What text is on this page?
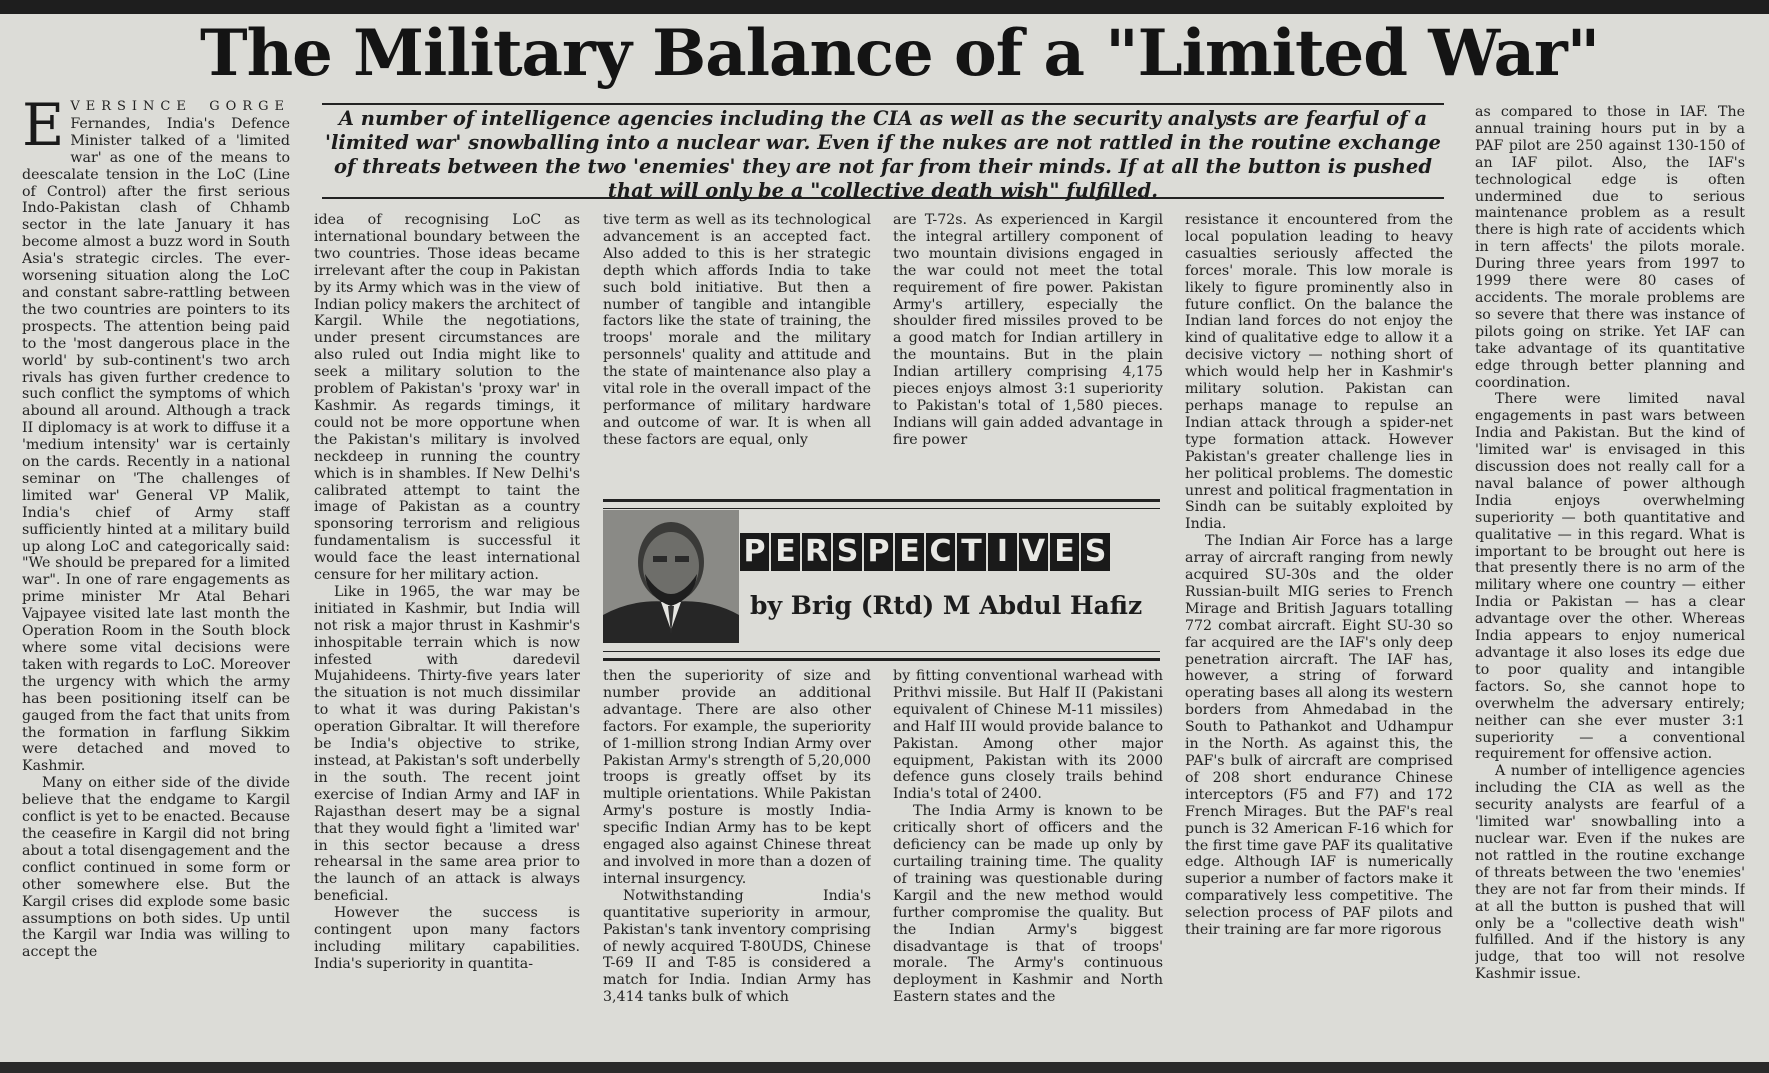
The Military Balance of a "Limited War"
A number of intelligence agencies including the CIA as well as the security analysts are fearful of a 'limited war' snowballing into a nuclear war. Even if the nukes are not rattled in the routine exchange of threats between the two 'enemies' they are not far from their minds. If at all the button is pushed that will only be a "collective death wish" fulfilled.

EVERSINCE GORGE Fernandes, India's Defence Minister talked of a 'limited war' as one of the means to deescalate tension in the LoC (Line of Control) after the first serious Indo-Pakistan clash of Chhamb sector in the late January it has become almost a buzz word in South Asia's strategic circles. The ever-worsening situation along the LoC and constant sabre-rattling between the two countries are pointers to its prospects. The attention being paid to the 'most dangerous place in the world' by sub-continent's two arch rivals has given further credence to such conflict the symptoms of which abound all around. Although a track II diplomacy is at work to diffuse it a 'medium intensity' war is certainly on the cards. Recently in a national seminar on 'The challenges of limited war' General VP Malik, India's chief of Army staff sufficiently hinted at a military build up along LoC and categorically said: "We should be prepared for a limited war". In one of rare engagements as prime minister Mr Atal Behari Vajpayee visited late last month the Operation Room in the South block where some vital decisions were taken with regards to LoC. Moreover the urgency with which the army has been positioning itself can be gauged from the fact that units from the formation in farflung Sikkim were detached and moved to Kashmir.

Many on either side of the divide believe that the endgame to Kargil conflict is yet to be enacted. Because the ceasefire in Kargil did not bring about a total disengagement and the conflict continued in some form or other somewhere else. But the Kargil crises did explode some basic assumptions on both sides. Up until the Kargil war India was willing to accept the

idea of recognising LoC as international boundary between the two countries. Those ideas became irrelevant after the coup in Pakistan by its Army which was in the view of Indian policy makers the architect of Kargil. While the negotiations, under present circumstances are also ruled out India might like to seek a military solution to the problem of Pakistan's 'proxy war' in Kashmir. As regards timings, it could not be more opportune when the Pakistan's military is involved neckdeep in running the country which is in shambles. If New Delhi's calibrated attempt to taint the image of Pakistan as a country sponsoring terrorism and religious fundamentalism is successful it would face the least international censure for her military action.

Like in 1965, the war may be initiated in Kashmir, but India will not risk a major thrust in Kashmir's inhospitable terrain which is now infested with daredevil Mujahideens. Thirty-five years later the situation is not much dissimilar to what it was during Pakistan's operation Gibraltar. It will therefore be India's objective to strike, instead, at Pakistan's soft underbelly in the south. The recent joint exercise of Indian Army and IAF in Rajasthan desert may be a signal that they would fight a 'limited war' in this sector because a dress rehearsal in the same area prior to the launch of an attack is always beneficial.

However the success is contingent upon many factors including military capabilities. India's superiority in quantita-

tive term as well as its technological advancement is an accepted fact. Also added to this is her strategic depth which affords India to take such bold initiative. But then a number of tangible and intangible factors like the state of training, the troops' morale and the military personnels' quality and attitude and the state of maintenance also play a vital role in the overall impact of the performance of military hardware and outcome of war. It is when all these factors are equal, only

are T-72s. As experienced in Kargil the integral artillery component of two mountain divisions engaged in the war could not meet the total requirement of fire power. Pakistan Army's artillery, especially the shoulder fired missiles proved to be a good match for Indian artillery in the mountains. But in the plain Indian artillery comprising 4,175 pieces enjoys almost 3:1 superiority to Pakistan's total of 1,580 pieces. Indians will gain added advantage in fire power

P E R S P E C T I V E S
by Brig (Rtd) M Abdul Hafiz

then the superiority of size and number provide an additional advantage. There are also other factors. For example, the superiority of 1-million strong Indian Army over Pakistan Army's strength of 5,20,000 troops is greatly offset by its multiple orientations. While Pakistan Army's posture is mostly India-specific Indian Army has to be kept engaged also against Chinese threat and involved in more than a dozen of internal insurgency.

Notwithstanding India's quantitative superiority in armour, Pakistan's tank inventory comprising of newly acquired T-80UDS, Chinese T-69 II and T-85 is considered a match for India. Indian Army has 3,414 tanks bulk of which

by fitting conventional warhead with Prithvi missile. But Half II (Pakistani equivalent of Chinese M-11 missiles) and Half III would provide balance to Pakistan. Among other major equipment, Pakistan with its 2000 defence guns closely trails behind India's total of 2400.

The India Army is known to be critically short of officers and the deficiency can be made up only by curtailing training time. The quality of training was questionable during Kargil and the new method would further compromise the quality. But the Indian Army's biggest disadvantage is that of troops' morale. The Army's continuous deployment in Kashmir and North Eastern states and the

resistance it encountered from the local population leading to heavy casualties seriously affected the forces' morale. This low morale is likely to figure prominently also in future conflict. On the balance the Indian land forces do not enjoy the kind of qualitative edge to allow it a decisive victory — nothing short of which would help her in Kashmir's military solution. Pakistan can perhaps manage to repulse an Indian attack through a spider-net type formation attack. However Pakistan's greater challenge lies in her political problems. The domestic unrest and political fragmentation in Sindh can be suitably exploited by India.

The Indian Air Force has a large array of aircraft ranging from newly acquired SU-30s and the older Russian-built MIG series to French Mirage and British Jaguars totalling 772 combat aircraft. Eight SU-30 so far acquired are the IAF's only deep penetration aircraft. The IAF has, however, a string of forward operating bases all along its western borders from Ahmedabad in the South to Pathankot and Udhampur in the North. As against this, the PAF's bulk of aircraft are comprised of 208 short endurance Chinese interceptors (F5 and F7) and 172 French Mirages. But the PAF's real punch is 32 American F-16 which for the first time gave PAF its qualitative edge. Although IAF is numerically superior a number of factors make it comparatively less competitive. The selection process of PAF pilots and their training are far more rigorous

as compared to those in IAF. The annual training hours put in by a PAF pilot are 250 against 130-150 of an IAF pilot. Also, the IAF's technological edge is often undermined due to serious maintenance problem as a result there is high rate of accidents which in tern affects' the pilots morale. During three years from 1997 to 1999 there were 80 cases of accidents. The morale problems are so severe that there was instance of pilots going on strike. Yet IAF can take advantage of its quantitative edge through better planning and coordination.

There were limited naval engagements in past wars between India and Pakistan. But the kind of 'limited war' is envisaged in this discussion does not really call for a naval balance of power although India enjoys overwhelming superiority — both quantitative and qualitative — in this regard. What is important to be brought out here is that presently there is no arm of the military where one country — either India or Pakistan — has a clear advantage over the other. Whereas India appears to enjoy numerical advantage it also loses its edge due to poor quality and intangible factors. So, she cannot hope to overwhelm the adversary entirely; neither can she ever muster 3:1 superiority — a conventional requirement for offensive action.

A number of intelligence agencies including the CIA as well as the security analysts are fearful of a 'limited war' snowballing into a nuclear war. Even if the nukes are not rattled in the routine exchange of threats between the two 'enemies' they are not far from their minds. If at all the button is pushed that will only be a "collective death wish" fulfilled. And if the history is any judge, that too will not resolve Kashmir issue.
